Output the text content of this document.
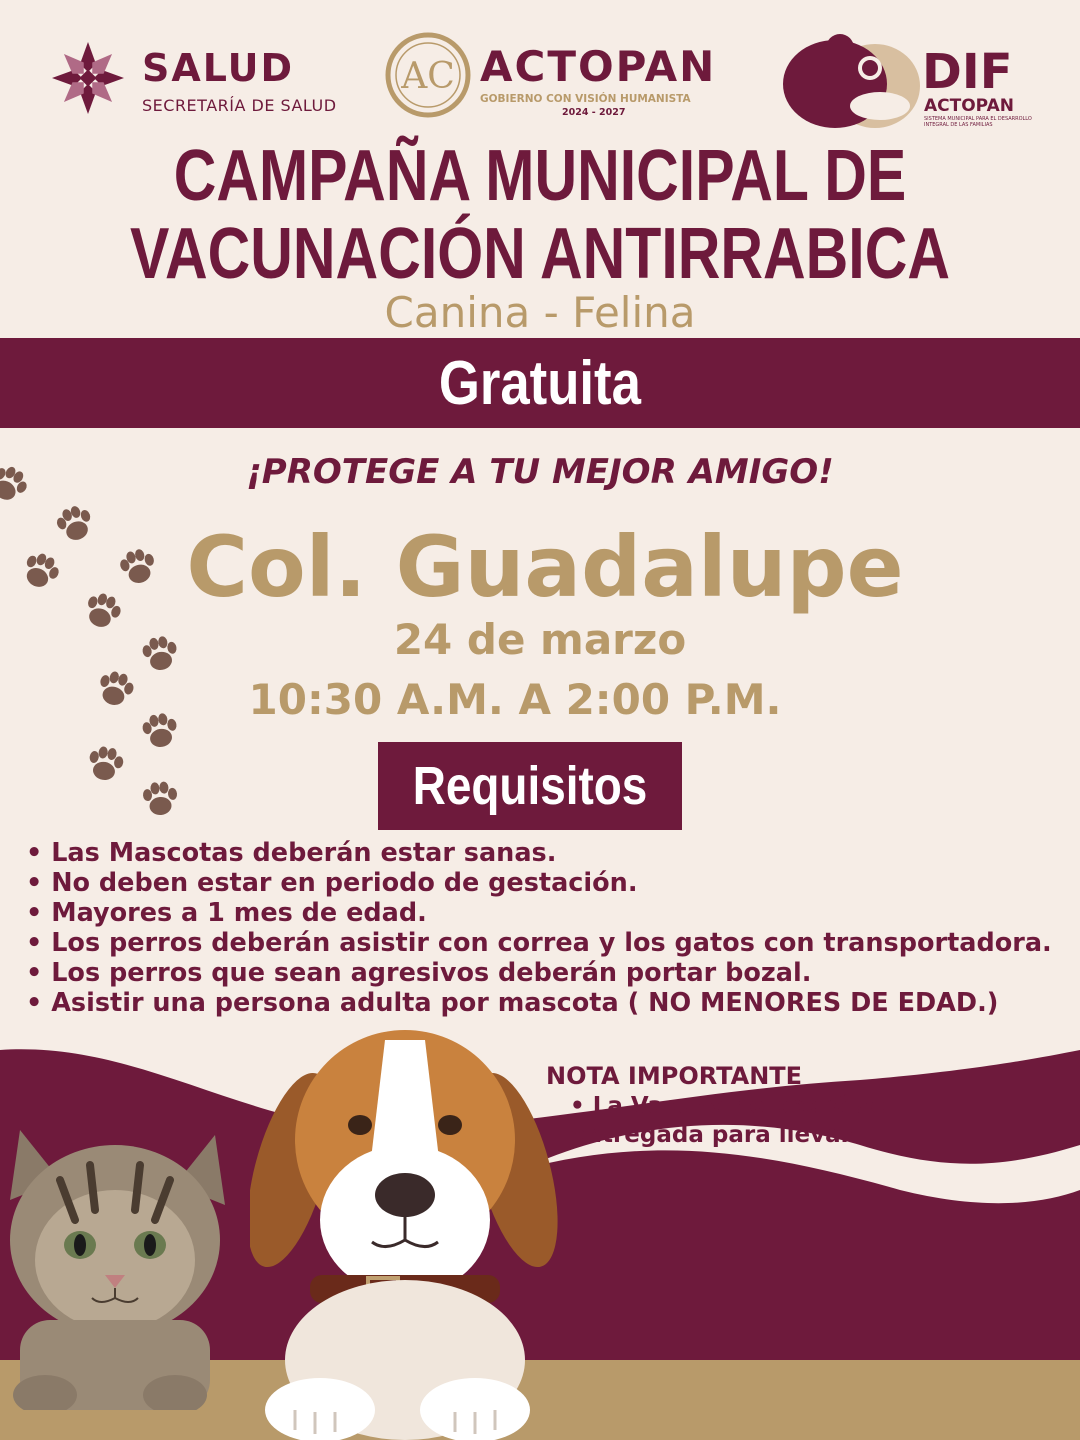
SALUD
SECRETARÍA DE SALUD
AC ACTOPAN
GOBIERNO CON VISIÓN HUMANISTA
2024 - 2027
DIF
ACTOPAN
SISTEMA MUNICIPAL PARA EL DESARROLLO INTEGRAL DE LAS FAMILIAS
CAMPAÑA MUNICIPAL DE
VACUNACIÓN ANTIRRABICA
Canina - Felina
Gratuita
¡PROTEGE A TU MEJOR AMIGO!
Col. Guadalupe
24 de marzo
10:30 A.M. A 2:00 P.M.
Requisitos
• Las Mascotas deberán estar sanas.
• No deben estar en periodo de gestación.
• Mayores a 1 mes de edad.
• Los perros deberán asistir con correa y los gatos con transportadora.
• Los perros que sean agresivos deberán portar bozal.
• Asistir una persona adulta por mascota ( NO MENORES DE EDAD.)
NOTA IMPORTANTE
• La Vacuna no podrá ser entregada para llevar.
